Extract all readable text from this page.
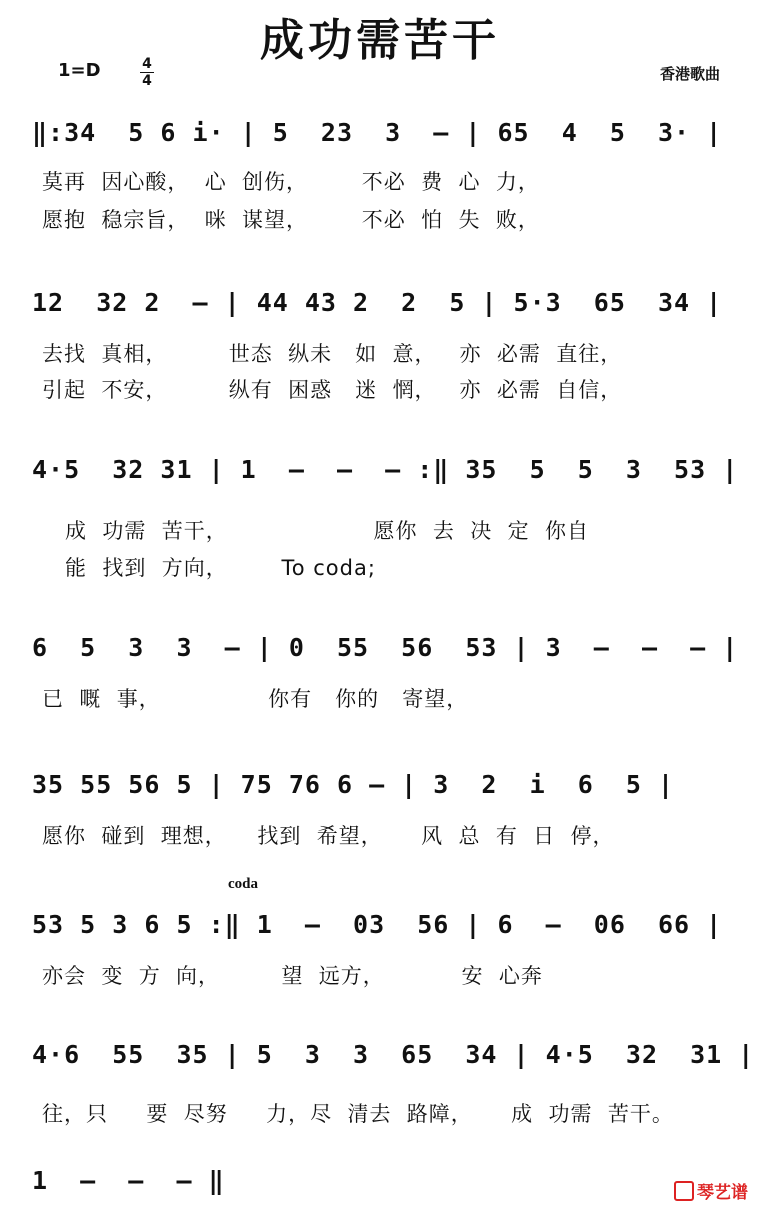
成功需苦干
1=D	4
4	香港歌曲
‖:34  5 6 i· | 5  23  3  — | 65  4  5  3· |
莫再  因心酸，  心  创伤，       不必  费  心  力，
愿抱  稳宗旨，  咪  谋望，       不必  怕  失  败，
12  32 2  — | 44 43 2  2  5 | 5·3  65  34 |
去找  真相，        世态  纵未   如  意，   亦  必需  直往，
引起  不安，        纵有  困惑   迷  惘，   亦  必需  自信，
4·5  32 31 | 1  —  —  — :‖ 35  5  5  3  53 |
成  功需  苦干，                   愿你  去  决  定  你自
能  找到  方向，       To coda;
6  5  3  3  — | 0  55  56  53 | 3  —  —  — |
已  嘅  事，              你有   你的   寄望，
35 55 56 5 | 75 76 6 — | 3  2  i  6  5 |
愿你  碰到  理想，    找到  希望，     风  总  有  日  停，
coda
53 5 3 6 5 :‖ 1  —  03  56 | 6  —  06  66 |
亦会  变  方  向，        望  远方，          安  心奔
4·6  55  35 | 5  3  3  65  34 | 4·5  32  31 |
往，只     要  尽努     力，尽  清去  路障，     成  功需  苦干。
1  —  —  — ‖	琴艺谱
